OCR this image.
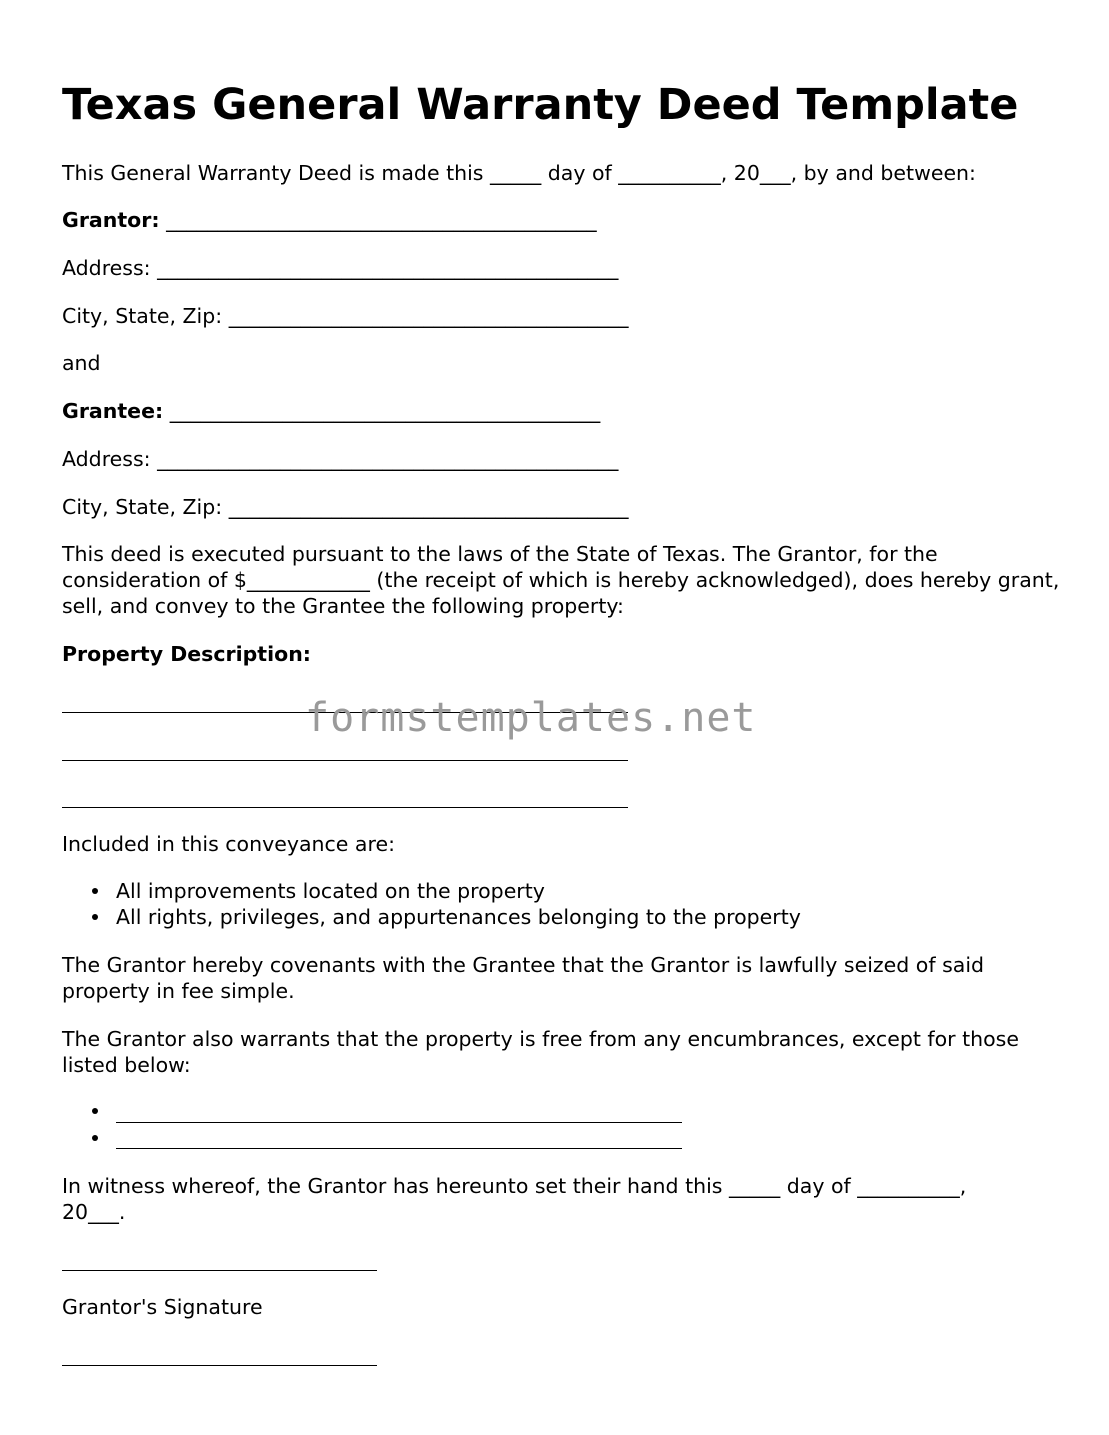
Texas General Warranty Deed Template
This General Warranty Deed is made this _____ day of __________, 20___, by and between:
Grantor: __________________________________________
Address: _____________________________________________
City, State, Zip: _______________________________________
and
Grantee: __________________________________________
Address: _____________________________________________
City, State, Zip: _______________________________________
This deed is executed pursuant to the laws of the State of Texas. The Grantor, for the consideration of $____________ (the receipt of which is hereby acknowledged), does hereby grant, sell, and convey to the Grantee the following property:
Property Description:
Included in this conveyance are:
All improvements located on the property
All rights, privileges, and appurtenances belonging to the property
The Grantor hereby covenants with the Grantee that the Grantor is lawfully seized of said property in fee simple.
The Grantor also warrants that the property is free from any encumbrances, except for those listed below:
In witness whereof, the Grantor has hereunto set their hand this _____ day of __________,
20___.
Grantor's Signature
formstemplates.net
